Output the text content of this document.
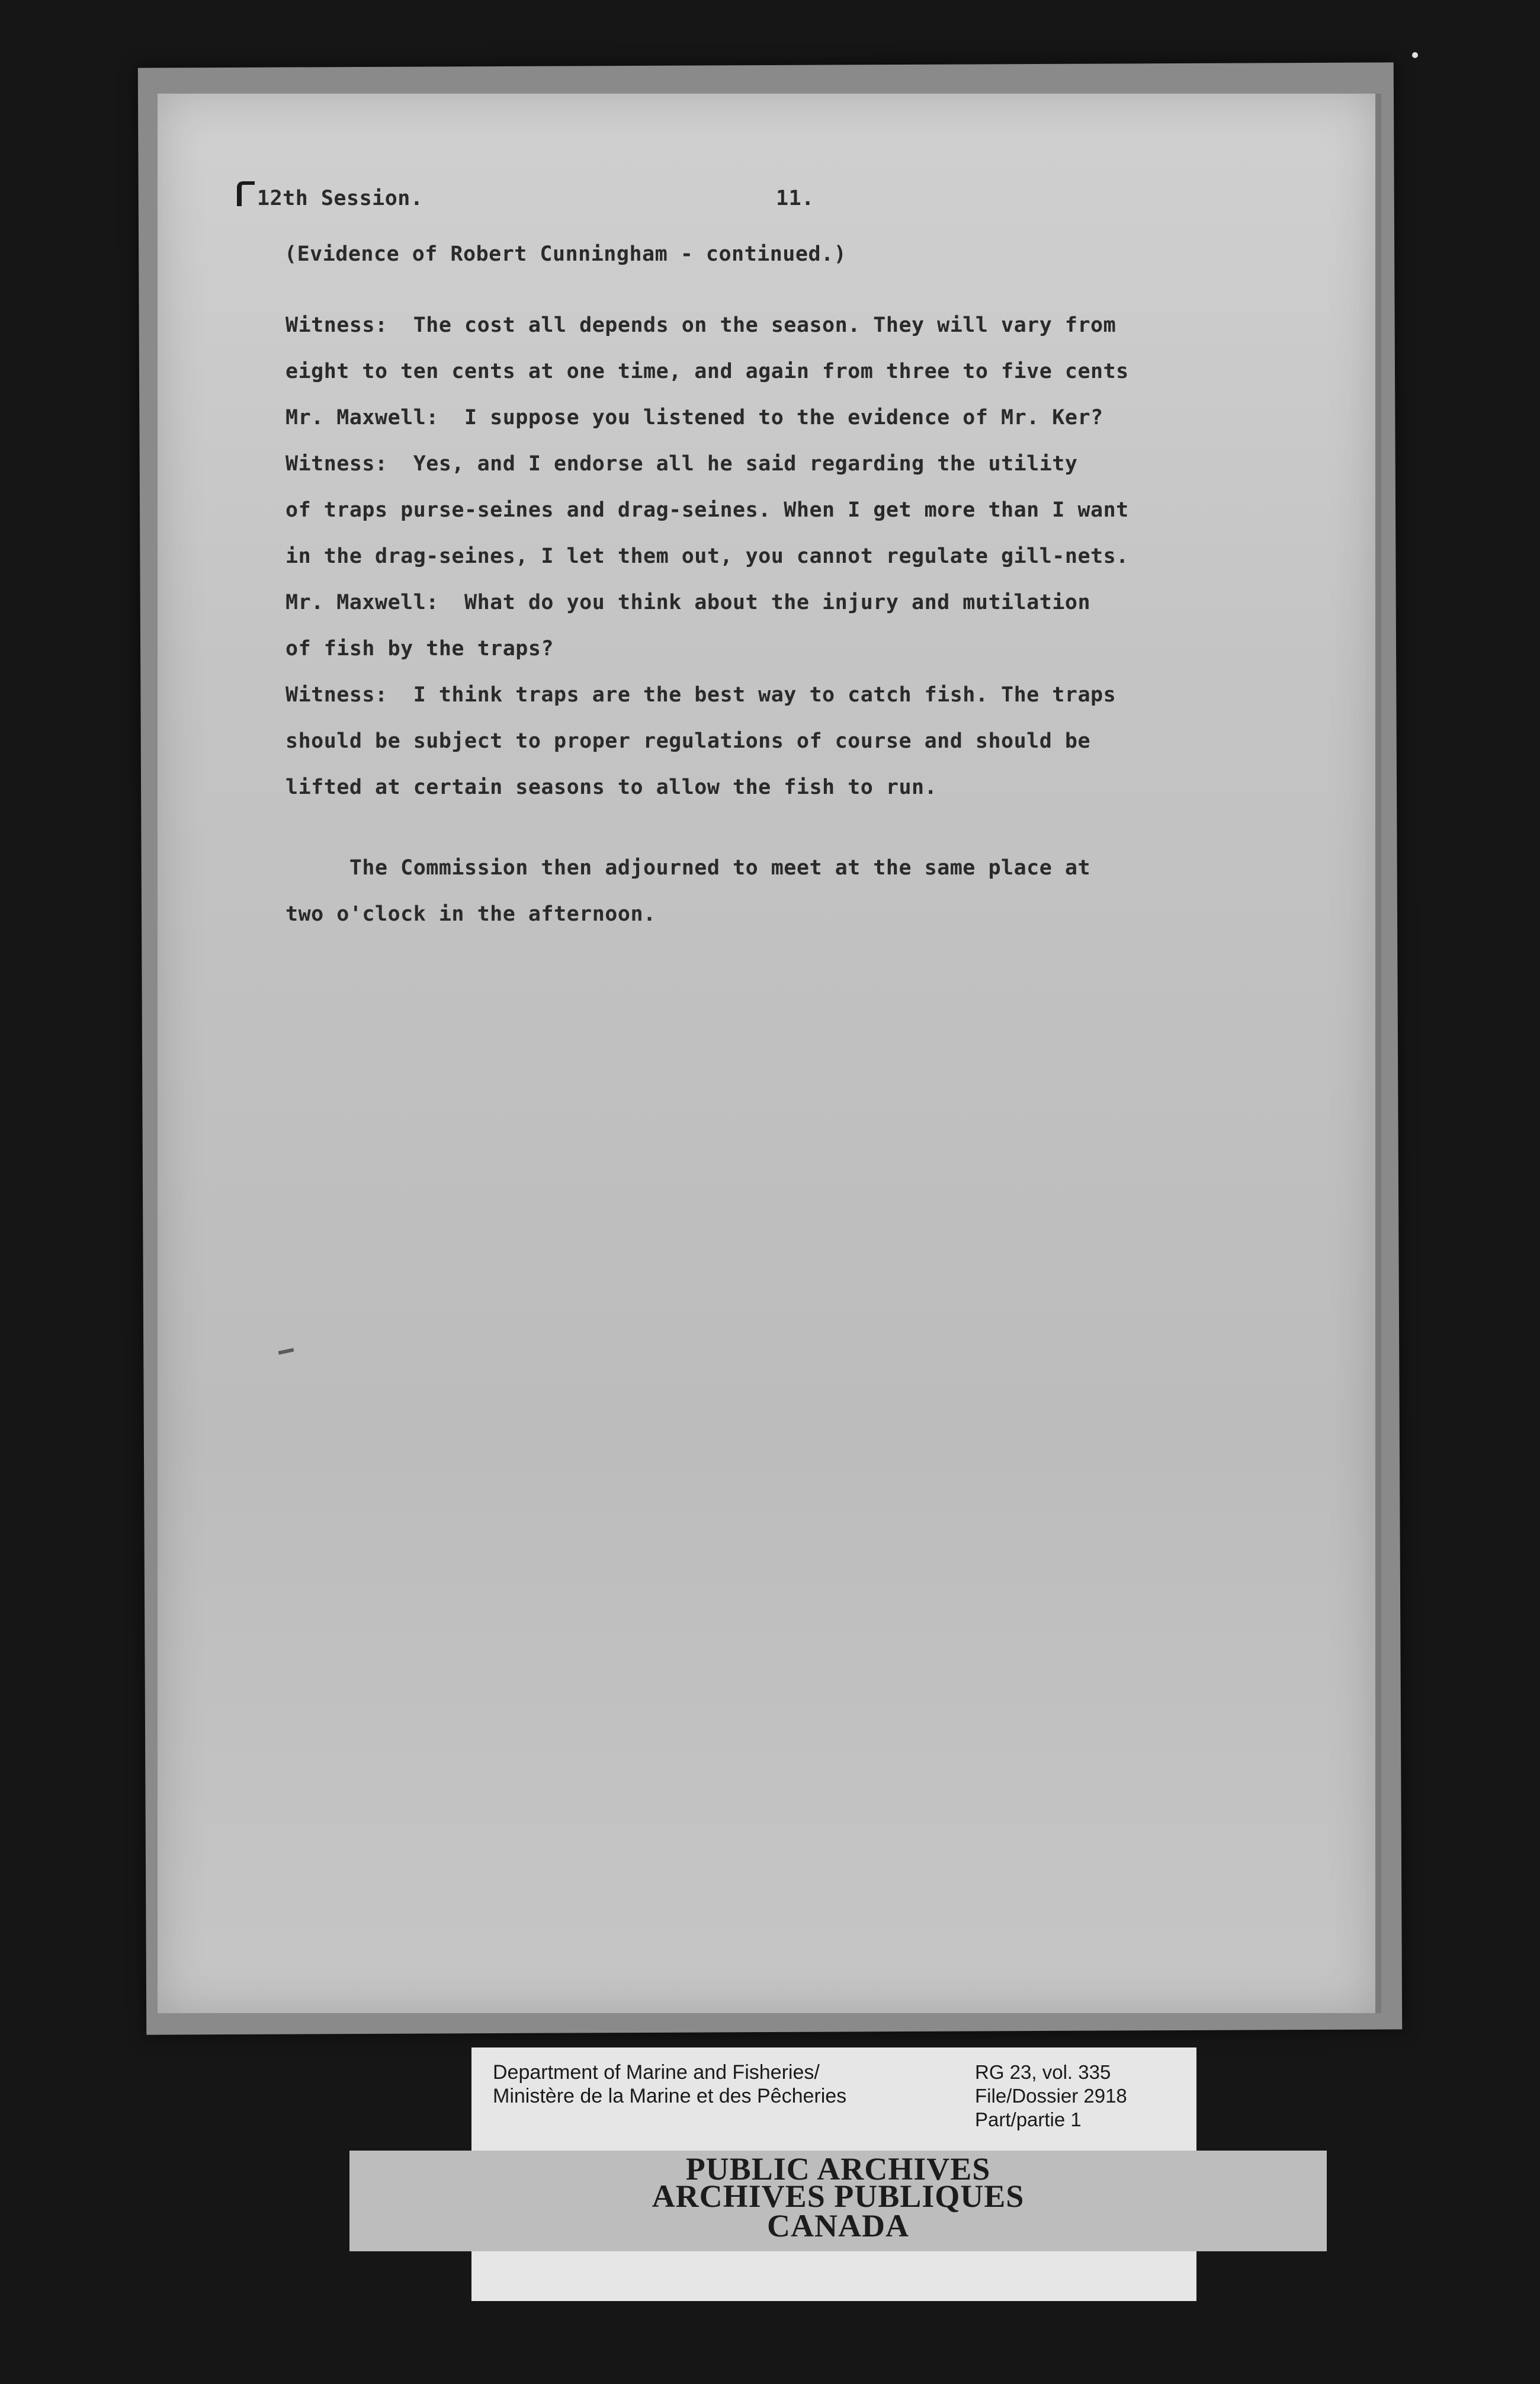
12th Session.	11.
(Evidence of Robert Cunningham - continued.)
Witness:  The cost all depends on the season. They will vary from
eight to ten cents at one time, and again from three to five cents
Mr. Maxwell:  I suppose you listened to the evidence of Mr. Ker?
Witness:  Yes, and I endorse all he said regarding the utility
of traps purse-seines and drag-seines. When I get more than I want
in the drag-seines, I let them out, you cannot regulate gill-nets.
Mr. Maxwell:  What do you think about the injury and mutilation
of fish by the traps?
Witness:  I think traps are the best way to catch fish. The traps
should be subject to proper regulations of course and should be
lifted at certain seasons to allow the fish to run.
The Commission then adjourned to meet at the same place at
two o'clock in the afternoon.
Department of Marine and Fisheries/
Ministère de la Marine et des Pêcheries
RG 23, vol. 335
File/Dossier 2918
Part/partie 1
PUBLIC ARCHIVES
ARCHIVES PUBLIQUES
CANADA
